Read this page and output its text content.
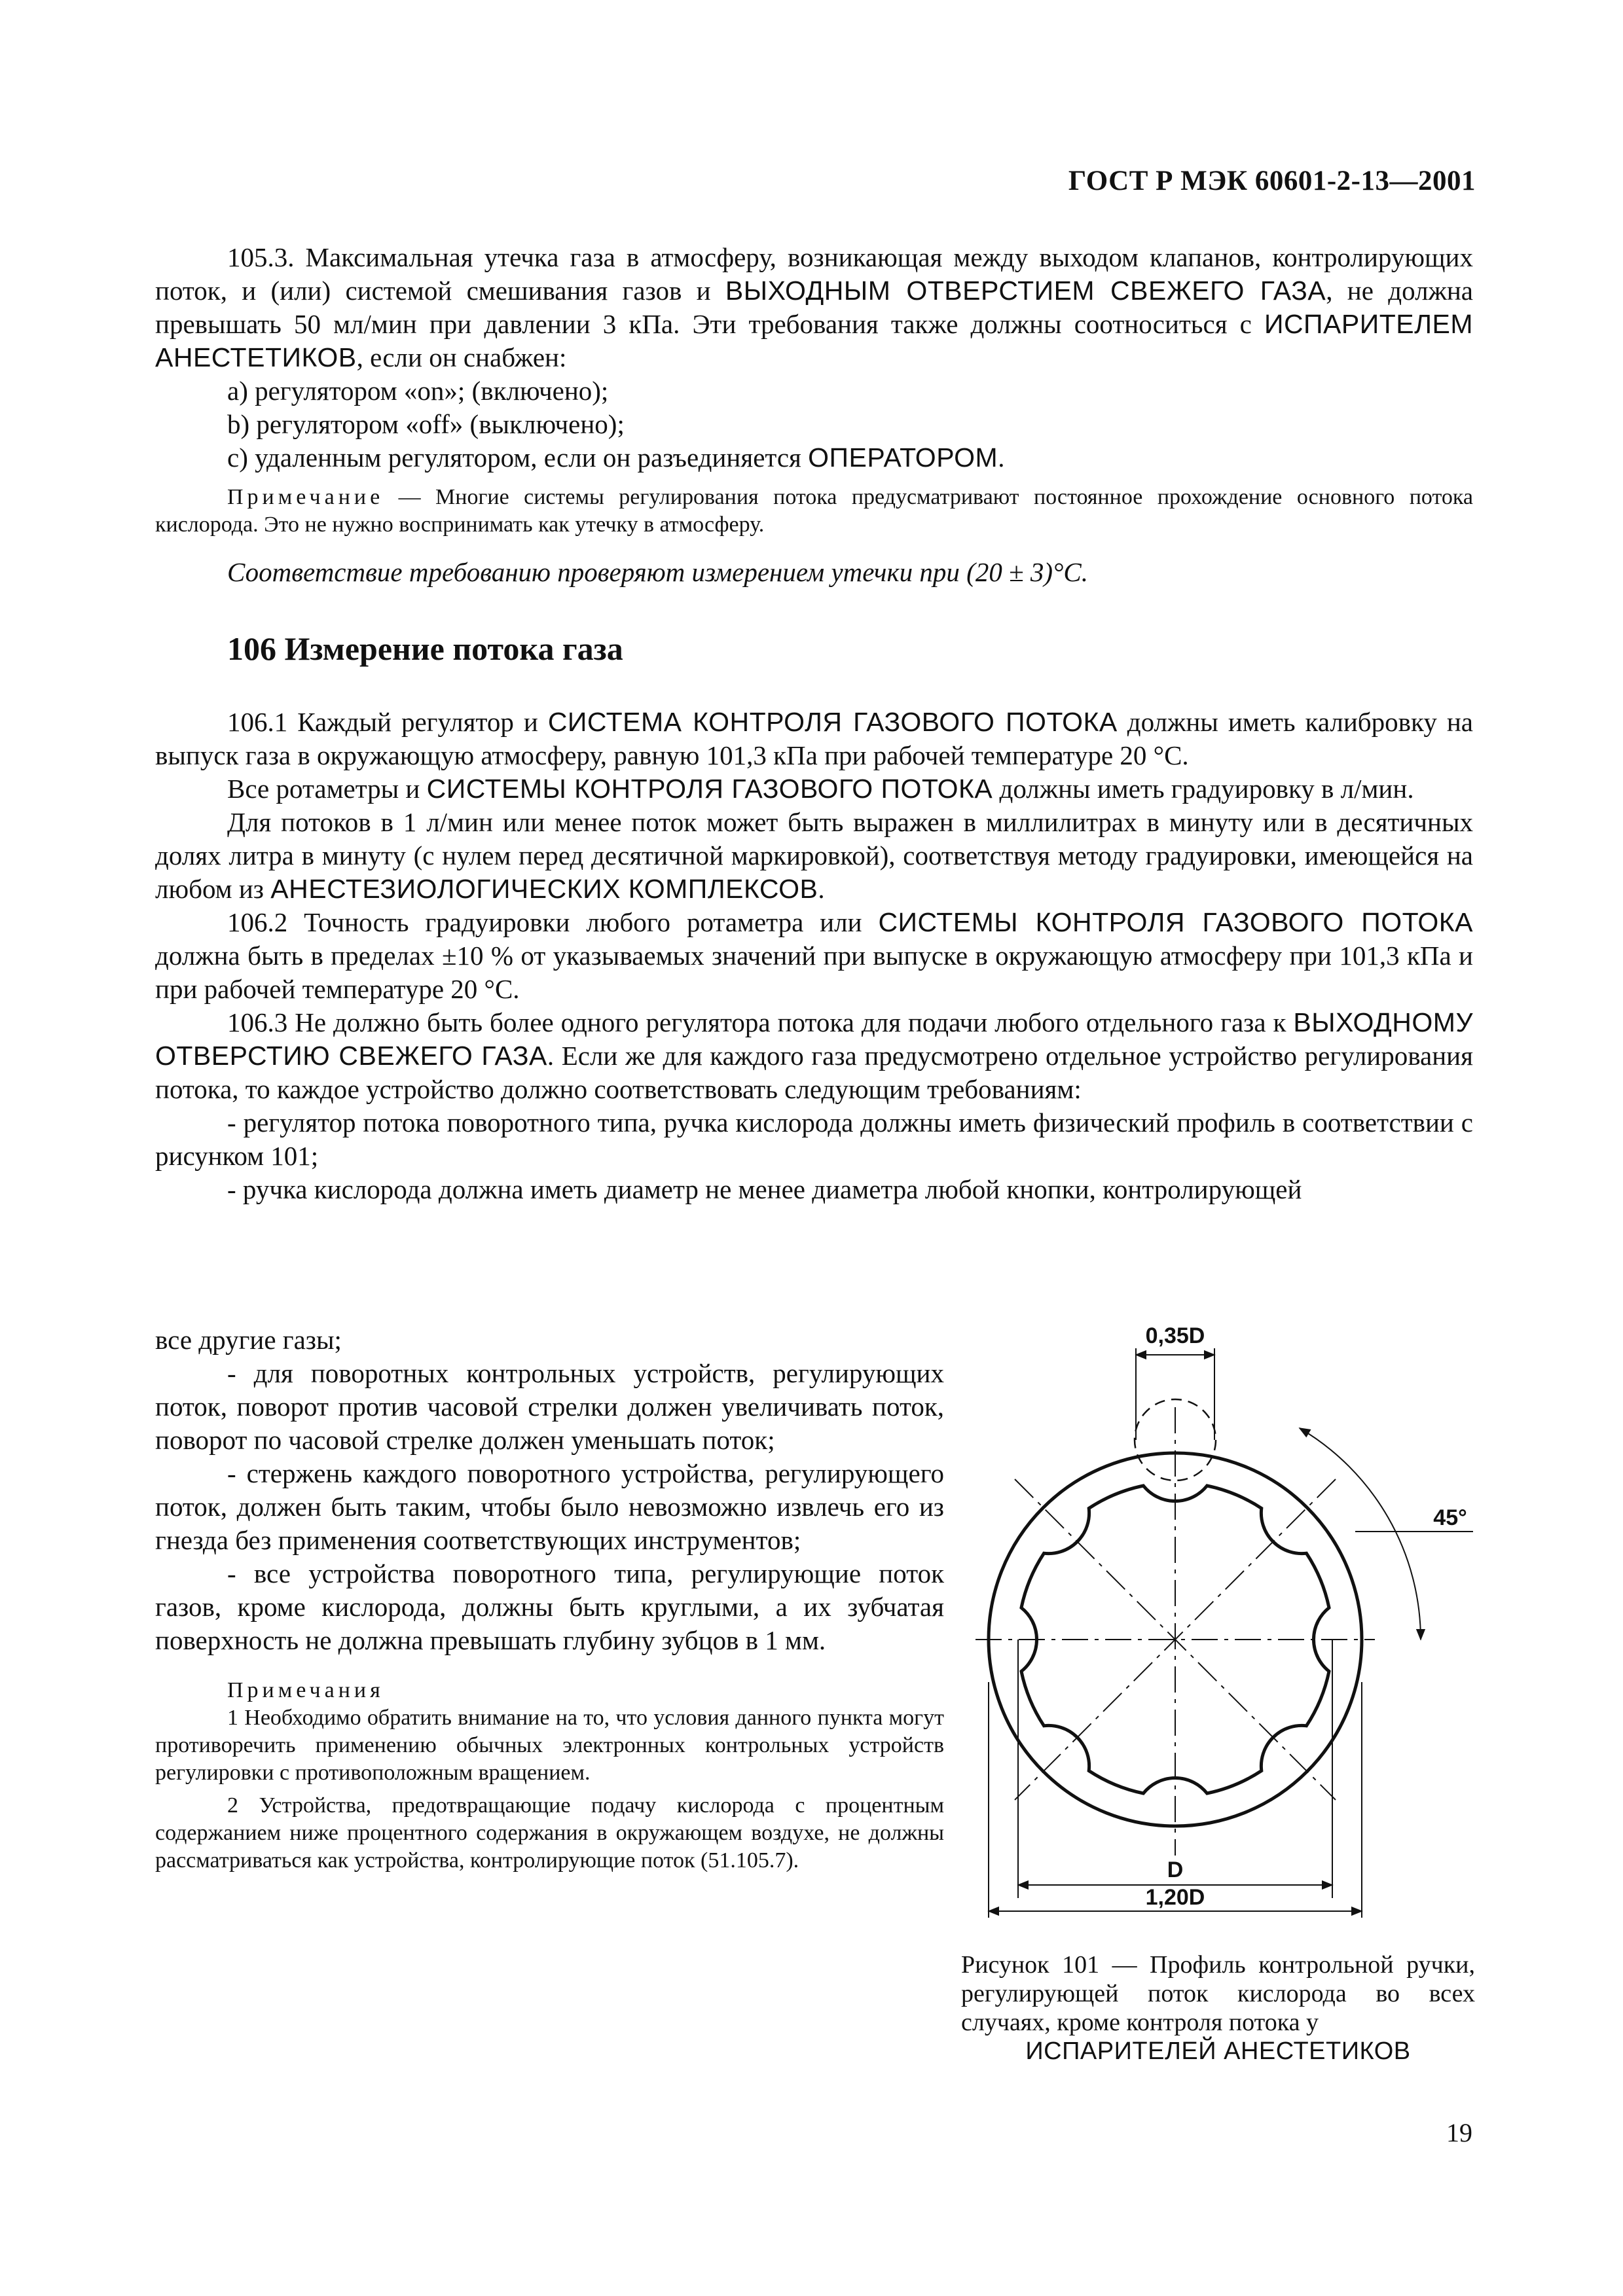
ГОСТ Р МЭК 60601-2-13—2001

105.3. Максимальная утечка газа в атмосферу, возникающая между выходом клапанов, контролирующих поток, и (или) системой смешивания газов и ВЫХОДНЫМ ОТВЕРСТИЕМ СВЕЖЕГО ГАЗА, не должна превышать 50 мл/мин при давлении 3 кПа. Эти требования также должны соотноситься с ИСПАРИТЕЛЕМ АНЕСТЕТИКОВ, если он снабжен:

a) регулятором «on»; (включено);

b) регулятором «off» (выключено);

c) удаленным регулятором, если он разъединяется ОПЕРАТОРОМ.

Примечание — Многие системы регулирования потока предусматривают постоянное прохождение основного потока кислорода. Это не нужно воспринимать как утечку в атмосферу.

Соответствие требованию проверяют измерением утечки при (20 ± 3)°С.

106 Измерение потока газа

106.1 Каждый регулятор и СИСТЕМА КОНТРОЛЯ ГАЗОВОГО ПОТОКА должны иметь калибровку на выпуск газа в окружающую атмосферу, равную 101,3 кПа при рабочей температуре 20 °С.

Все ротаметры и СИСТЕМЫ КОНТРОЛЯ ГАЗОВОГО ПОТОКА должны иметь градуировку в л/мин.

Для потоков в 1 л/мин или менее поток может быть выражен в миллилитрах в минуту или в десятичных долях литра в минуту (с нулем перед десятичной маркировкой), соответствуя методу градуировки, имеющейся на любом из АНЕСТЕЗИОЛОГИЧЕСКИХ КОМПЛЕКСОВ.

106.2 Точность градуировки любого ротаметра или СИСТЕМЫ КОНТРОЛЯ ГАЗОВОГО ПОТОКА должна быть в пределах ±10 % от указываемых значений при выпуске в окружающую атмосферу при 101,3 кПа и при рабочей температуре 20 °С.

106.3 Не должно быть более одного регулятора потока для подачи любого отдельного газа к ВЫХОДНОМУ ОТВЕРСТИЮ СВЕЖЕГО ГАЗА. Если же для каждого газа предусмотрено отдельное устройство регулирования потока, то каждое устройство должно соответствовать следующим требованиям:

- регулятор потока поворотного типа, ручка кислорода должны иметь физический профиль в соответствии с рисунком 101;

- ручка кислорода должна иметь диаметр не менее диаметра любой кнопки, контролирующей

все другие газы;

- для поворотных контрольных устройств, регулирующих поток, поворот против часовой стрелки должен увеличивать поток, поворот по часовой стрелке должен уменьшать поток;

- стержень каждого поворотного устройства, регулирующего поток, должен быть таким, чтобы было невозможно извлечь его из гнезда без применения соответствующих инструментов;

- все устройства поворотного типа, регулирующие поток газов, кроме кислорода, должны быть круглыми, а их зубчатая поверхность не должна превышать глубину зубцов в 1 мм.

Примечания

1 Необходимо обратить внимание на то, что условия данного пункта могут противоречить применению обычных электронных контрольных устройств регулировки с противоположным вращением.

2 Устройства, предотвращающие подачу кислорода с процентным содержанием ниже процентного содержания в окружающем воздухе, не должны рассматриваться как устройства, контролирующие поток (51.105.7).

0,35D
45°
D
1,20D

Рисунок 101 — Профиль контрольной ручки, регулирующей поток кислорода во всех случаях, кроме контроля потока у

ИСПАРИТЕЛЕЙ АНЕСТЕТИКОВ

19
